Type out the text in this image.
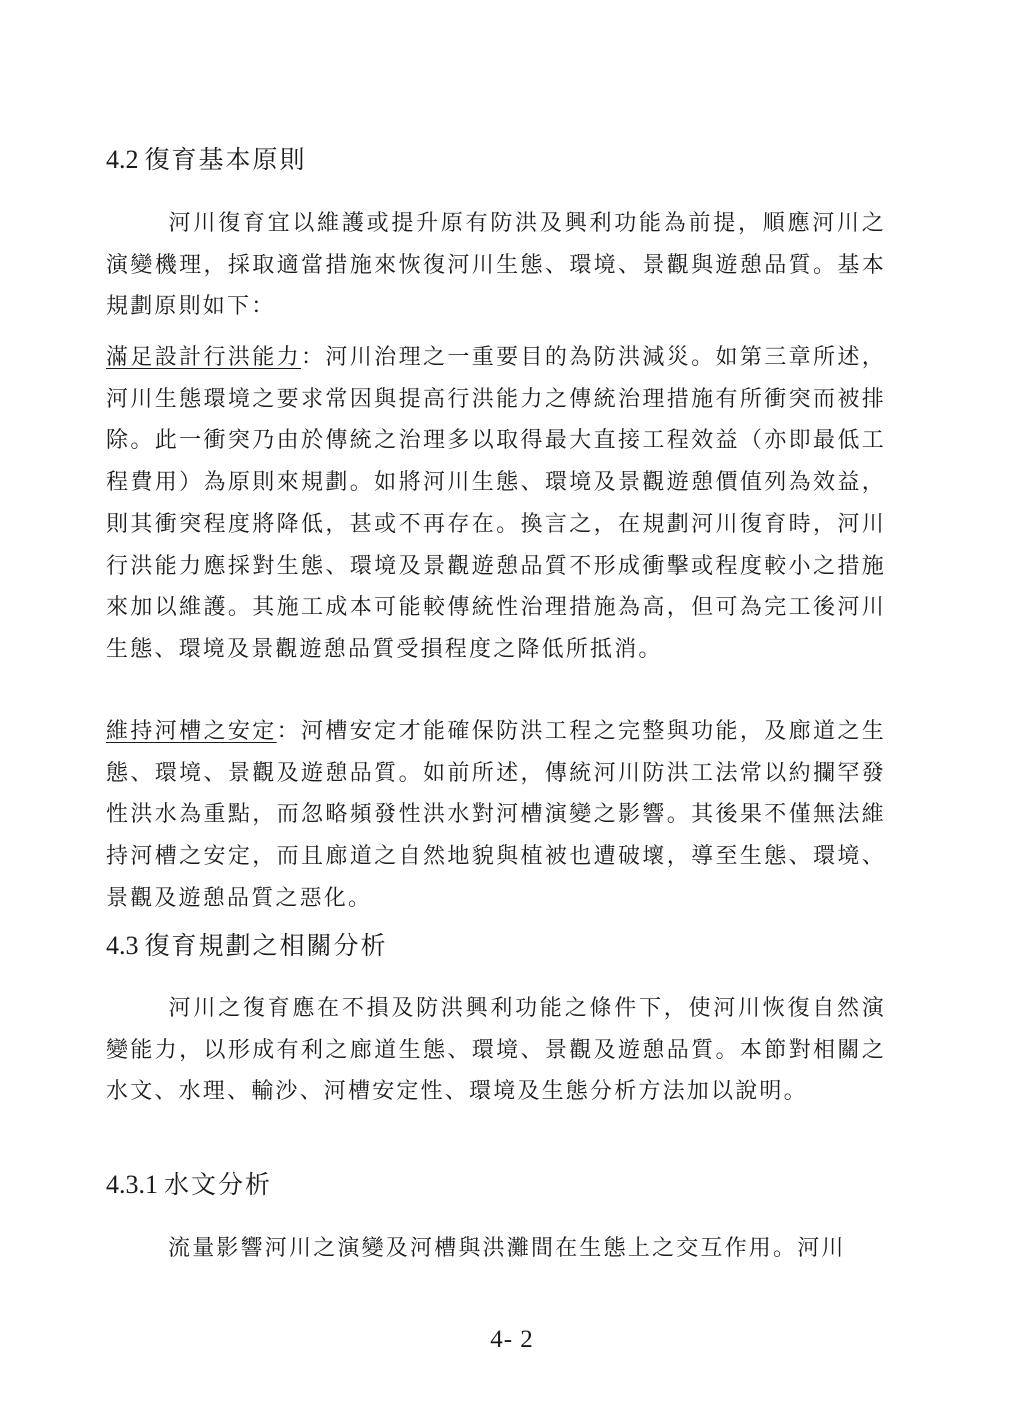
4.2 復育基本原則
河川復育宜以維護或提升原有防洪及興利功能為前提，順應河川之演變機理，採取適當措施來恢復河川生態、環境、景觀與遊憩品質。基本規劃原則如下：
滿足設計行洪能力：河川治理之一重要目的為防洪減災。如第三章所述，河川生態環境之要求常因與提高行洪能力之傳統治理措施有所衝突而被排除。此一衝突乃由於傳統之治理多以取得最大直接工程效益（亦即最低工程費用）為原則來規劃。如將河川生態、環境及景觀遊憩價值列為效益，則其衝突程度將降低，甚或不再存在。換言之，在規劃河川復育時，河川行洪能力應採對生態、環境及景觀遊憩品質不形成衝擊或程度較小之措施來加以維護。其施工成本可能較傳統性治理措施為高，但可為完工後河川生態、環境及景觀遊憩品質受損程度之降低所抵消。
維持河槽之安定：河槽安定才能確保防洪工程之完整與功能，及廊道之生態、環境、景觀及遊憩品質。如前所述，傳統河川防洪工法常以約攔罕發性洪水為重點，而忽略頻發性洪水對河槽演變之影響。其後果不僅無法維持河槽之安定，而且廊道之自然地貌與植被也遭破壞，導至生態、環境、景觀及遊憩品質之惡化。
4.3 復育規劃之相關分析
河川之復育應在不損及防洪興利功能之條件下，使河川恢復自然演變能力，以形成有利之廊道生態、環境、景觀及遊憩品質。本節對相關之水文、水理、輸沙、河槽安定性、環境及生態分析方法加以說明。
4.3.1 水文分析
流量影響河川之演變及河槽與洪灘間在生態上之交互作用。河川
4- 2
